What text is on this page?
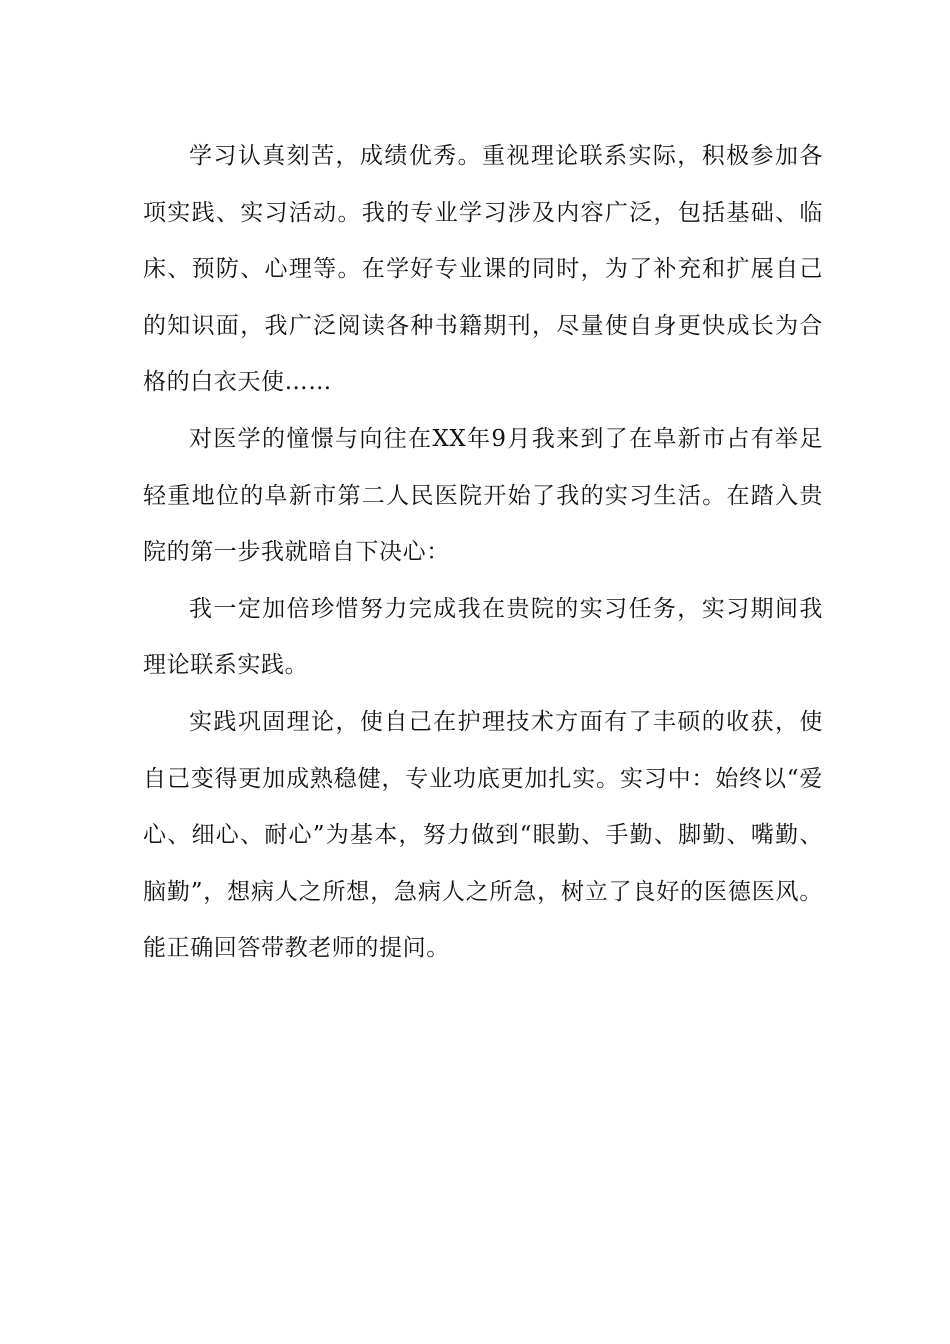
学习认真刻苦，成绩优秀。重视理论联系实际，积极参加各项实践、实习活动。我的专业学习涉及内容广泛，包括基础、临床、预防、心理等。在学好专业课的同时，为了补充和扩展自己的知识面，我广泛阅读各种书籍期刊，尽量使自身更快成长为合格的白衣天使……

对医学的憧憬与向往在XX年9月我来到了在阜新市占有举足轻重地位的阜新市第二人民医院开始了我的实习生活。在踏入贵院的第一步我就暗自下决心：

我一定加倍珍惜努力完成我在贵院的实习任务，实习期间我理论联系实践。

实践巩固理论，使自己在护理技术方面有了丰硕的收获，使自己变得更加成熟稳健，专业功底更加扎实。实习中：始终以“爱心、细心、耐心”为基本，努力做到“眼勤、手勤、脚勤、嘴勤、脑勤”，想病人之所想，急病人之所急，树立了良好的医德医风。能正确回答带教老师的提问。
